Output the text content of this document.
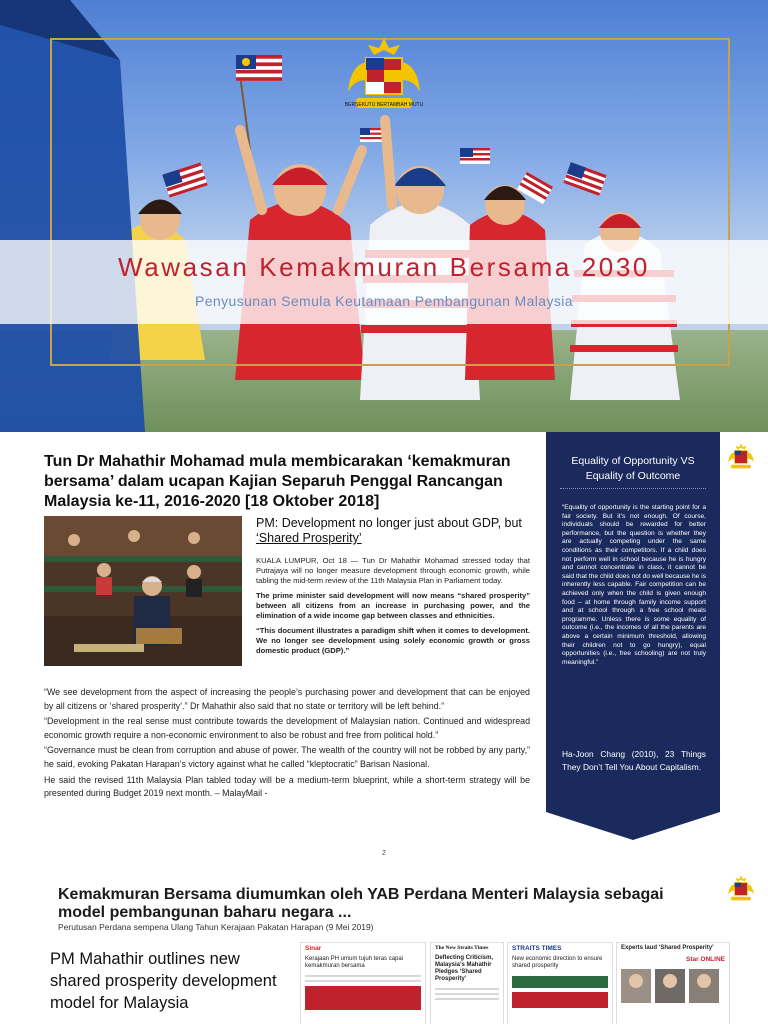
Wawasan Kemakmuran Bersama 2030
Penyusunan Semula Keutamaan Pembangunan Malaysia
BERSEKUTU BERTAMBAH MUTU
Tun Dr Mahathir Mohamad mula membicarakan ‘kemakmuran bersama’ dalam ucapan Kajian Separuh Penggal Rancangan Malaysia ke-11, 2016-2020 [18 Oktober 2018]
PM: Development no longer just about GDP, but
‘Shared Prosperity’

KUALA LUMPUR, Oct 18 — Tun Dr Mahathir Mohamad stressed today that Putrajaya will no longer measure development through economic growth, while tabling the mid-term review of the 11th Malaysia Plan in Parliament today.

The prime minister said development will now means “shared prosperity” between all citizens from an increase in purchasing power, and the elimination of a wide income gap between classes and ethnicities.

“This document illustrates a paradigm shift when it comes to development. We no longer see development using solely economic growth or gross domestic product (GDP).”

“We see development from the aspect of increasing the people’s purchasing power and development that can be enjoyed by all citizens or ‘shared prosperity’.” Dr Mahathir also said that no state or territory will be left behind.”

“Development in the real sense must contribute towards the development of Malaysian nation. Continued and widespread economic growth require a non-economic environment to also be robust and free from political hold.”

“Governance must be clean from corruption and abuse of power. The wealth of the country will not be robbed by any party,” he said, evoking Pakatan Harapan’s victory against what he called “kleptocratic” Barisan Nasional.

He said the revised 11th Malaysia Plan tabled today will be a medium-term blueprint, while a short-term strategy will be presented during Budget 2019 next month. – MalayMail -

2
Equality of Opportunity VS
Equality of Outcome
“Equality of opportunity is the starting point for a fair society. But it’s not enough. Of course, individuals should be rewarded for better performance, but the question is whether they are actually competing under the same conditions as their competitors. If a child does not perform well in school because he is hungry and cannot concentrate in class, it cannot be said that the child does not do well because he is inherently less capable. Fair competition can be achieved only when the child is given enough food – at home through family income support and at school through a free school meals programme. Unless there is some equality of outcome (i.e., the incomes of all the parents are above a certain minimum threshold, allowing their children not to go hungry), equal opportunities (i.e., free schooling) are not truly meaningful.”
Ha-Joon Chang (2010), 23 Things They Don’t Tell You About Capitalism.
Kemakmuran Bersama diumumkan oleh YAB Perdana Menteri Malaysia sebagai model pembangunan baharu negara ...
Perutusan Perdana sempena Ulang Tahun Kerajaan Pakatan Harapan (9 Mei 2019)
PM Mahathir outlines new shared prosperity development model for Malaysia
Sinar
Kerajaan PH umum tujuh teras capai kemakmuran bersama
The New Straits Times
Deflecting Criticism, Malaysia’s Mahathir Pledges ‘Shared Prosperity’
STRAITS TIMES
New economic direction to ensure shared prosperity
Experts laud ‘Shared Prosperity’
Star ONLINE
